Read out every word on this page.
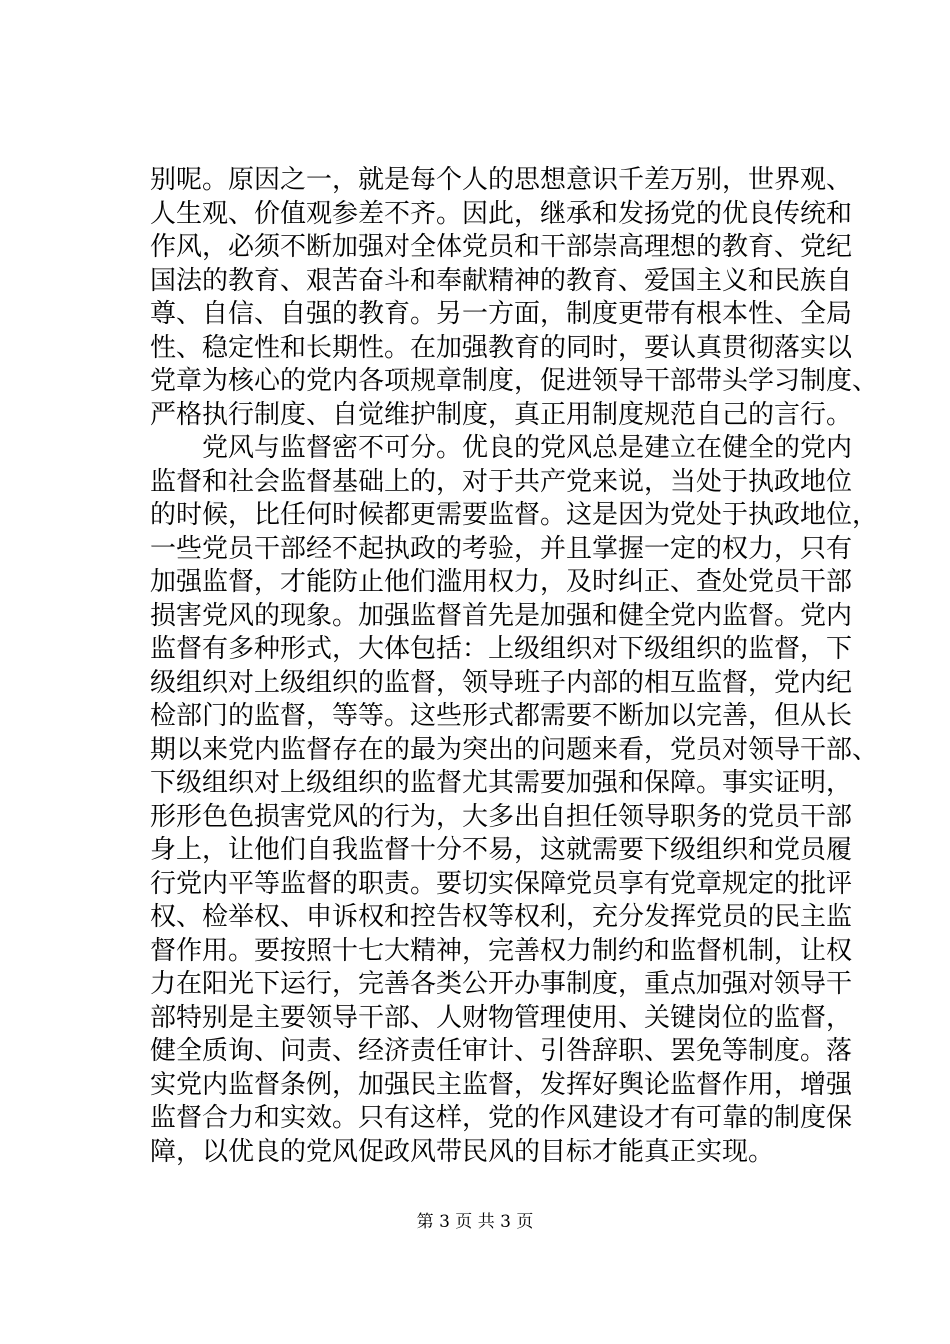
别呢。原因之一，就是每个人的思想意识千差万别，世界观、
人生观、价值观参差不齐。因此，继承和发扬党的优良传统和
作风，必须不断加强对全体党员和干部崇高理想的教育、党纪
国法的教育、艰苦奋斗和奉献精神的教育、爱国主义和民族自
尊、自信、自强的教育。另一方面，制度更带有根本性、全局
性、稳定性和长期性。在加强教育的同时，要认真贯彻落实以
党章为核心的党内各项规章制度，促进领导干部带头学习制度、
严格执行制度、自觉维护制度，真正用制度规范自己的言行。
　　党风与监督密不可分。优良的党风总是建立在健全的党内
监督和社会监督基础上的，对于共产党来说，当处于执政地位
的时候，比任何时候都更需要监督。这是因为党处于执政地位，
一些党员干部经不起执政的考验，并且掌握一定的权力，只有
加强监督，才能防止他们滥用权力，及时纠正、查处党员干部
损害党风的现象。加强监督首先是加强和健全党内监督。党内
监督有多种形式，大体包括：上级组织对下级组织的监督，下
级组织对上级组织的监督，领导班子内部的相互监督，党内纪
检部门的监督，等等。这些形式都需要不断加以完善，但从长
期以来党内监督存在的最为突出的问题来看，党员对领导干部、
下级组织对上级组织的监督尤其需要加强和保障。事实证明，
形形色色损害党风的行为，大多出自担任领导职务的党员干部
身上，让他们自我监督十分不易，这就需要下级组织和党员履
行党内平等监督的职责。要切实保障党员享有党章规定的批评
权、检举权、申诉权和控告权等权利，充分发挥党员的民主监
督作用。要按照十七大精神，完善权力制约和监督机制，让权
力在阳光下运行，完善各类公开办事制度，重点加强对领导干
部特别是主要领导干部、人财物管理使用、关键岗位的监督，
健全质询、问责、经济责任审计、引咎辞职、罢免等制度。落
实党内监督条例，加强民主监督，发挥好舆论监督作用，增强
监督合力和实效。只有这样，党的作风建设才有可靠的制度保
障，以优良的党风促政风带民风的目标才能真正实现。
第 3 页 共 3 页
